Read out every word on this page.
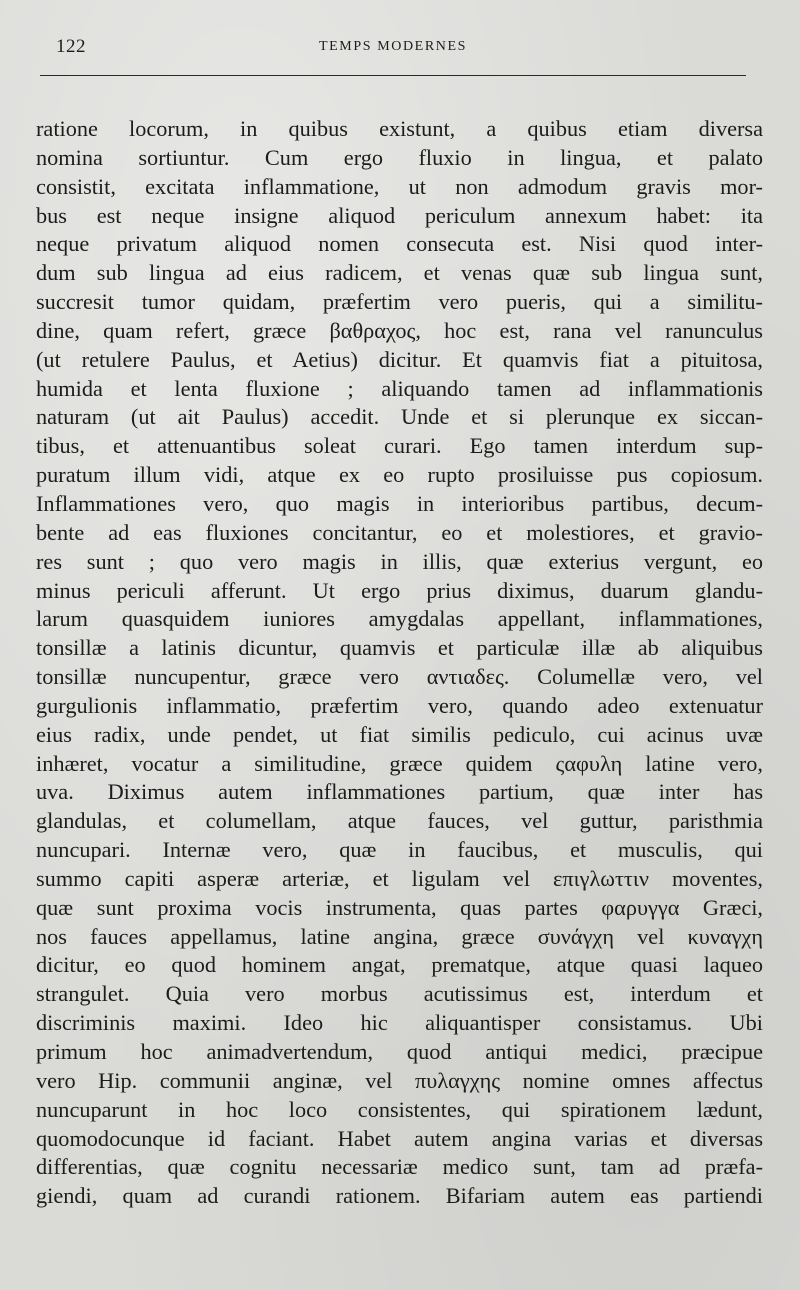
122	TEMPS MODERNES
ratione locorum, in quibus existunt, a quibus etiam diversa
nomina sortiuntur. Cum ergo fluxio in lingua, et palato
consistit, excitata inflammatione, ut non admodum gravis mor-
bus est neque insigne aliquod periculum annexum habet: ita
neque privatum aliquod nomen consecuta est. Nisi quod inter-
dum sub lingua ad eius radicem, et venas quæ sub lingua sunt,
succresit tumor quidam, præfertim vero pueris, qui a similitu-
dine, quam refert, græce βαθραχος, hoc est, rana vel ranunculus
(ut retulere Paulus, et Aetius) dicitur. Et quamvis fiat a pituitosa,
humida et lenta fluxione ; aliquando tamen ad inflammationis
naturam (ut ait Paulus) accedit. Unde et si plerunque ex siccan-
tibus, et attenuantibus soleat curari. Ego tamen interdum sup-
puratum illum vidi, atque ex eo rupto prosiluisse pus copiosum.
Inflammationes vero, quo magis in interioribus partibus, decum-
bente ad eas fluxiones concitantur, eo et molestiores, et gravio-
res sunt ; quo vero magis in illis, quæ exterius vergunt, eo
minus periculi afferunt. Ut ergo prius diximus, duarum glandu-
larum quasquidem iuniores amygdalas appellant, inflammationes,
tonsillæ a latinis dicuntur, quamvis et particulæ illæ ab aliquibus
tonsillæ nuncupentur, græce vero αντιαδες. Columellæ vero, vel
gurgulionis inflammatio, præfertim vero, quando adeo extenuatur
eius radix, unde pendet, ut fiat similis pediculo, cui acinus uvæ
inhæret, vocatur a similitudine, græce quidem ςαφυλη latine vero,
uva. Diximus autem inflammationes partium, quæ inter has
glandulas, et columellam, atque fauces, vel guttur, paristhmia
nuncupari. Internæ vero, quæ in faucibus, et musculis, qui
summo capiti asperæ arteriæ, et ligulam vel επιγλωττιν moventes,
quæ sunt proxima vocis instrumenta, quas partes φαρυγγα Græci,
nos fauces appellamus, latine angina, græce συνάγχη vel κυναγχη
dicitur, eo quod hominem angat, prematque, atque quasi laqueo
strangulet. Quia vero morbus acutissimus est, interdum et
discriminis maximi. Ideo hic aliquantisper consistamus. Ubi
primum hoc animadvertendum, quod antiqui medici, præcipue
vero Hip. communii anginæ, vel πυλαγχης nomine omnes affectus
nuncuparunt in hoc loco consistentes, qui spirationem lædunt,
quomodocunque id faciant. Habet autem angina varias et diversas
differentias, quæ cognitu necessariæ medico sunt, tam ad præfa-
giendi, quam ad curandi rationem. Bifariam autem eas partiendi
